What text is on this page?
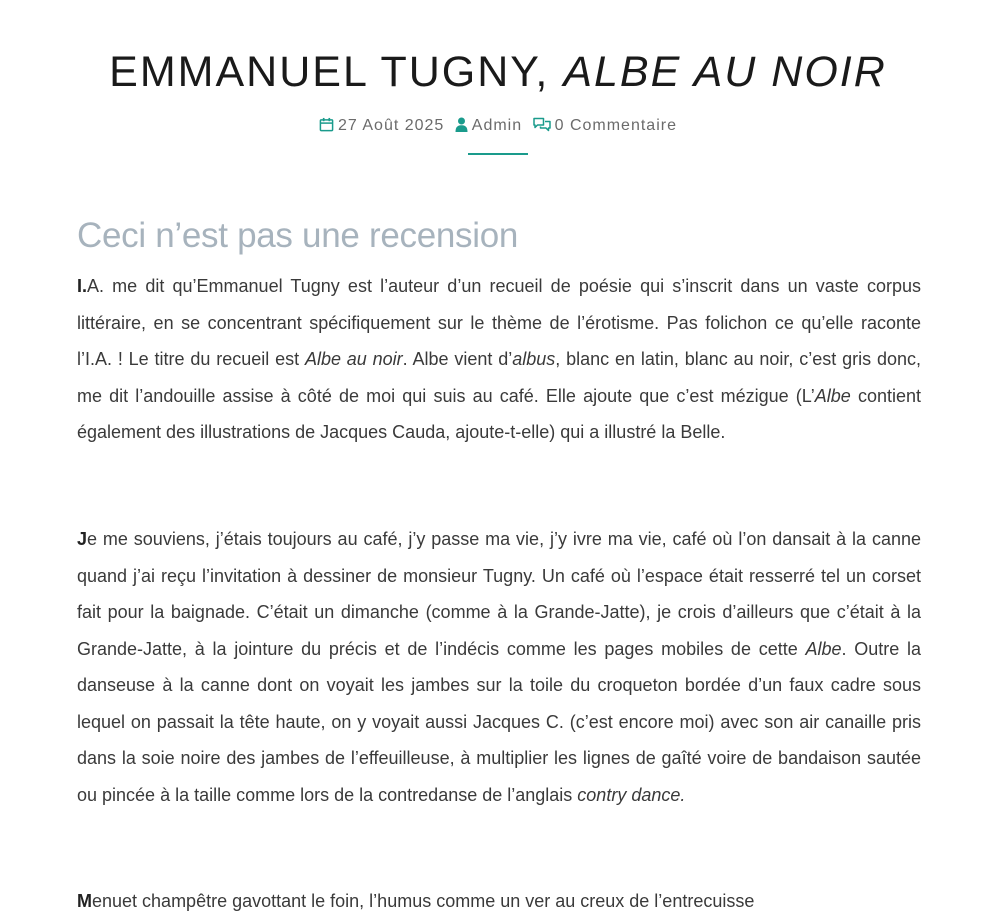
EMMANUEL TUGNY, ALBE AU NOIR
27 Août 2025 Admin 0 Commentaire
Ceci n’est pas une recension

I.A. me dit qu’Emmanuel Tugny est l’auteur d’un recueil de poésie qui s’inscrit dans un vaste corpus littéraire, en se concentrant spécifiquement sur le thème de l’érotisme. Pas folichon ce qu’elle raconte l’I.A. ! Le titre du recueil est Albe au noir. Albe vient d’albus, blanc en latin, blanc au noir, c’est gris donc, me dit l’andouille assise à côté de moi qui suis au café. Elle ajoute que c’est mézigue (L’Albe contient également des illustrations de Jacques Cauda, ajoute-t-elle) qui a illustré la Belle.

Je me souviens, j’étais toujours au café, j’y passe ma vie, j’y ivre ma vie, café où l’on dansait à la canne quand j’ai reçu l’invitation à dessiner de monsieur Tugny. Un café où l’espace était resserré tel un corset fait pour la baignade. C’était un dimanche (comme à la Grande-Jatte), je crois d’ailleurs que c’était à la Grande-Jatte, à la jointure du précis et de l’indécis comme les pages mobiles de cette Albe. Outre la danseuse à la canne dont on voyait les jambes sur la toile du croqueton bordée d’un faux cadre sous lequel on passait la tête haute, on y voyait aussi Jacques C. (c’est encore moi) avec son air canaille pris dans la soie noire des jambes de l’effeuilleuse, à multiplier les lignes de gaîté voire de bandaison sautée ou pincée à la taille comme lors de la contredanse de l’anglais contry dance.

Menuet champêtre gavottant le foin, l’humus comme un ver au creux de l’entrecuisse
